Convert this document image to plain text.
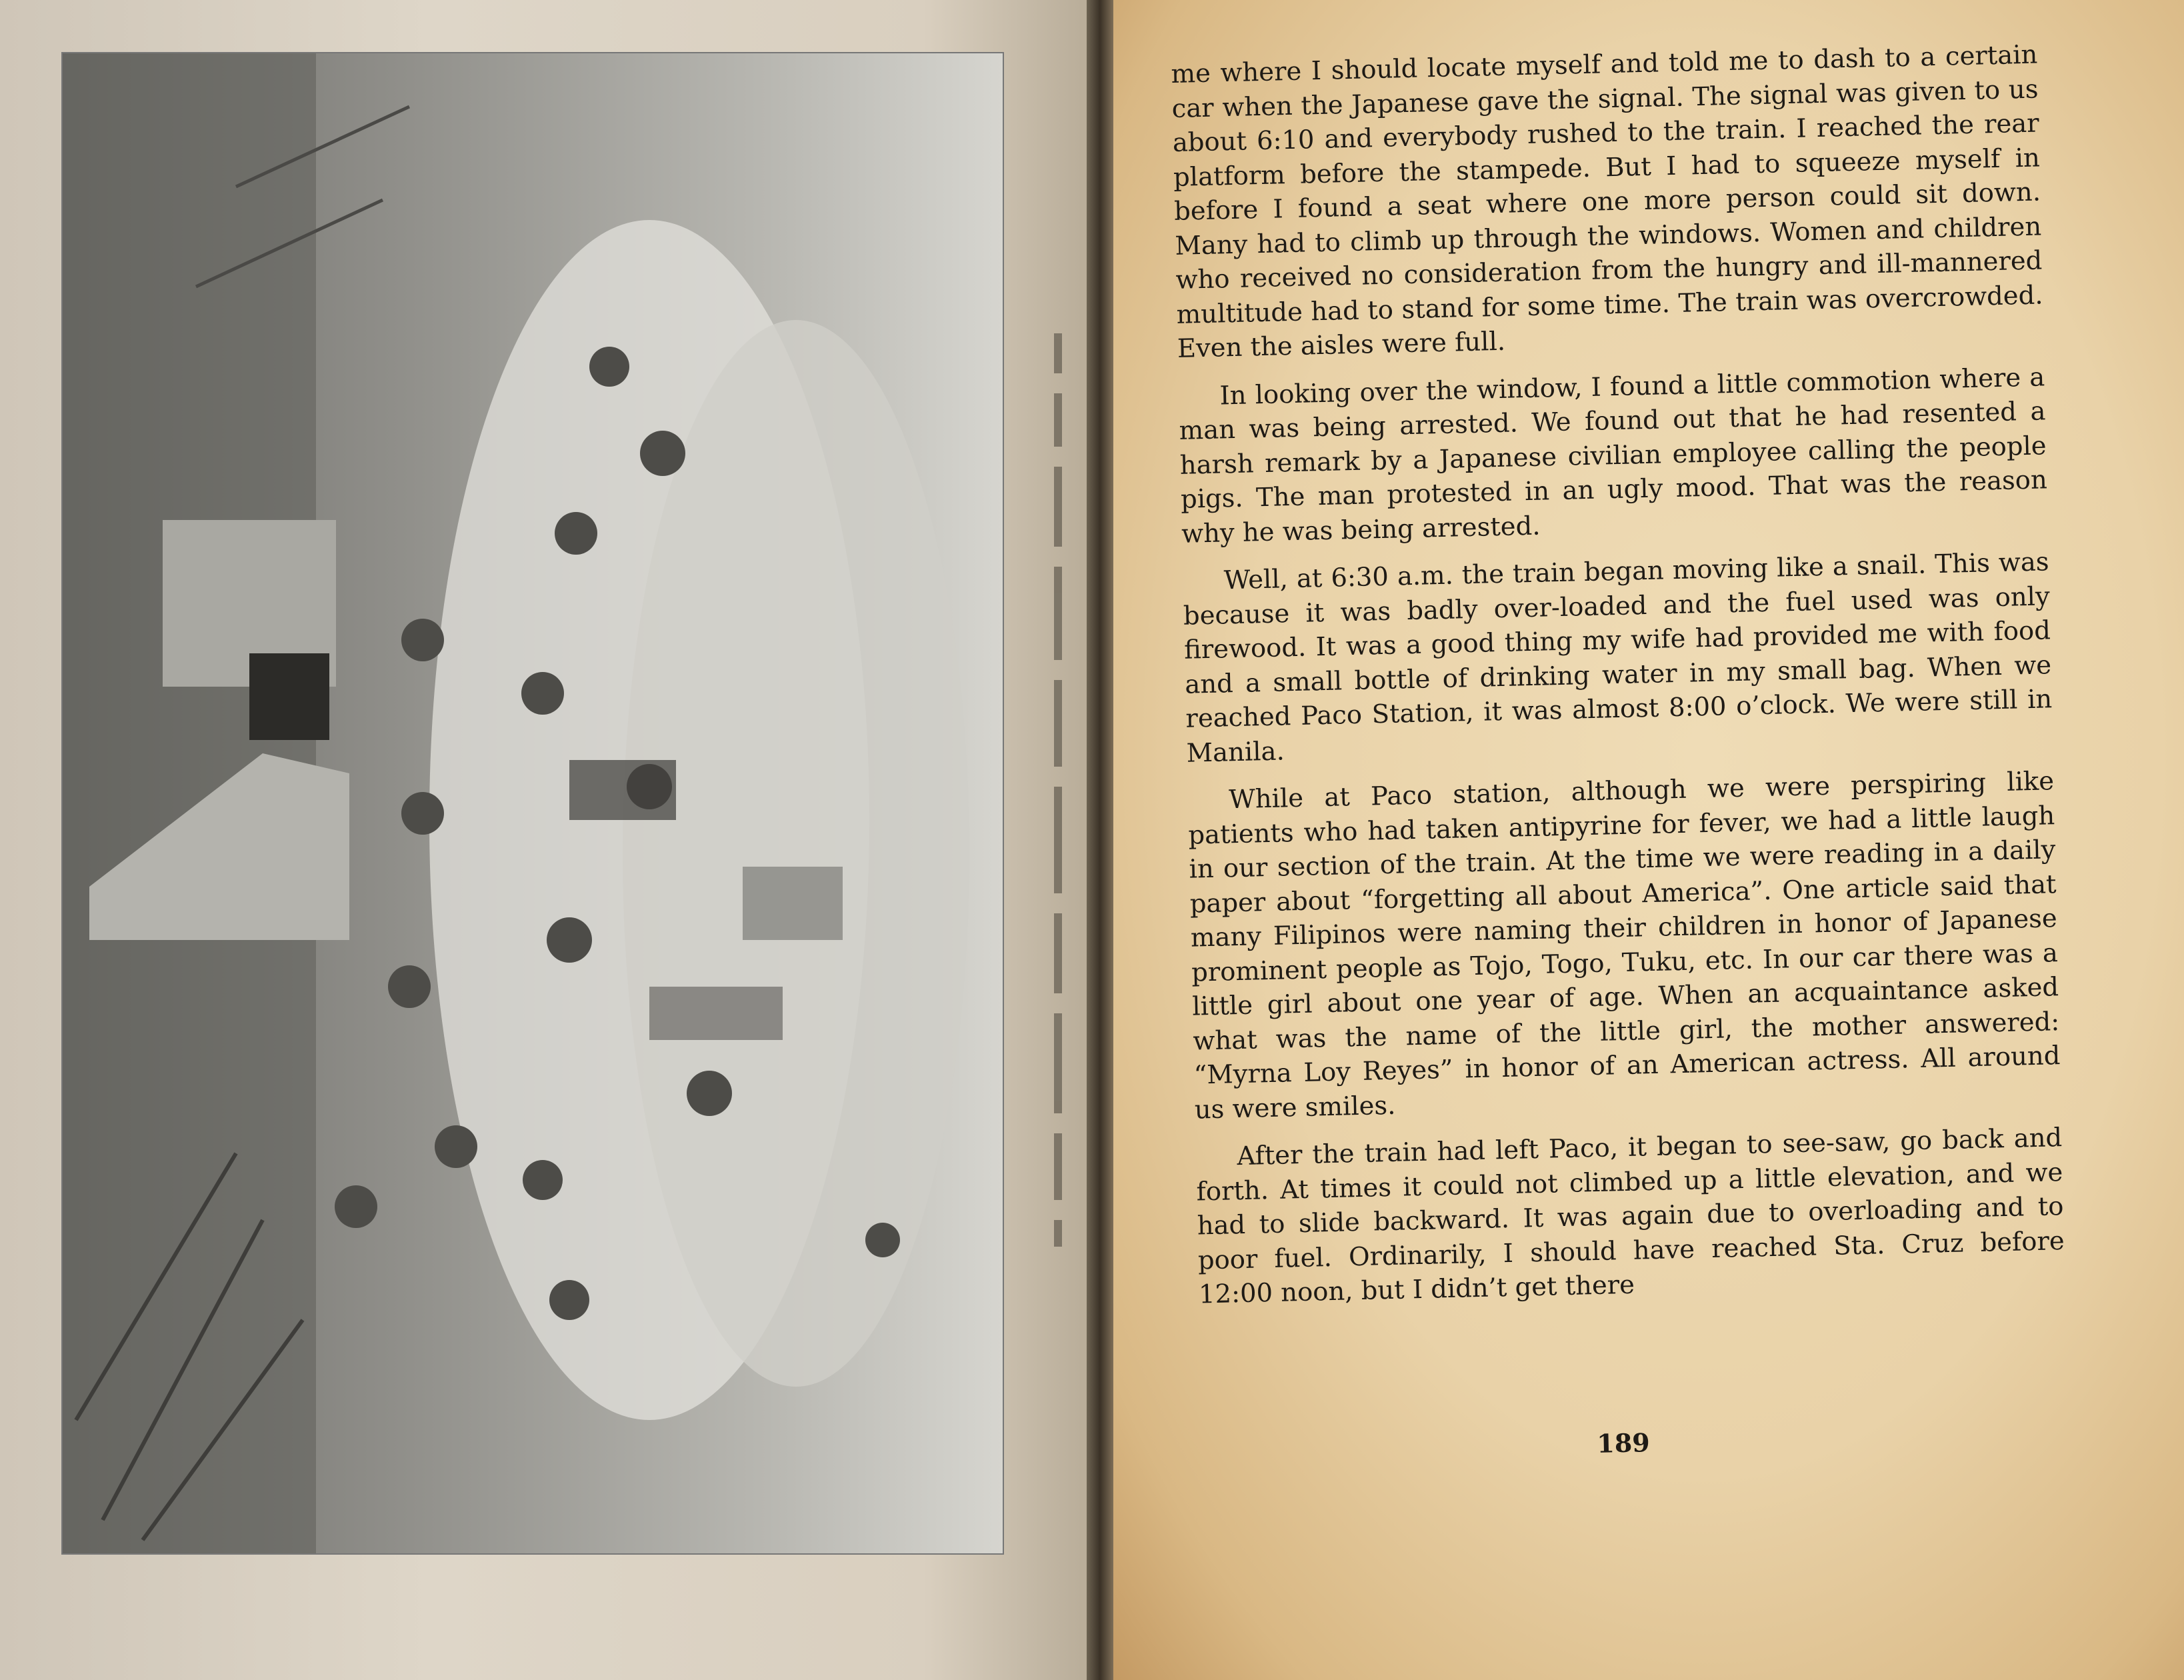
me where I should locate myself and told me to dash to a certain car when the Japanese gave the signal. The signal was given to us about 6:10 and everybody rushed to the train. I reached the rear platform before the stampede. But I had to squeeze myself in before I found a seat where one more person could sit down. Many had to climb up through the windows. Women and children who received no consideration from the hungry and ill-mannered multitude had to stand for some time. The train was overcrowded. Even the aisles were full.

In looking over the window, I found a little commotion where a man was being arrested. We found out that he had resented a harsh remark by a Japanese civilian employee calling the people pigs. The man protested in an ugly mood. That was the reason why he was being arrested.

Well, at 6:30 a.m. the train began moving like a snail. This was because it was badly over-loaded and the fuel used was only firewood. It was a good thing my wife had provided me with food and a small bottle of drinking water in my small bag. When we reached Paco Station, it was almost 8:00 o’clock. We were still in Manila.

While at Paco station, although we were perspiring like patients who had taken antipyrine for fever, we had a little laugh in our section of the train. At the time we were reading in a daily paper about “forgetting all about America”. One article said that many Filipinos were naming their children in honor of Japanese prominent people as Tojo, Togo, Tuku, etc. In our car there was a little girl about one year of age. When an acquaintance asked what was the name of the little girl, the mother answered: “Myrna Loy Reyes” in honor of an American actress. All around us were smiles.

After the train had left Paco, it began to see-saw, go back and forth. At times it could not climbed up a little elevation, and we had to slide backward. It was again due to overloading and to poor fuel. Ordinarily, I should have reached Sta. Cruz before 12:00 noon, but I didn’t get there

189
